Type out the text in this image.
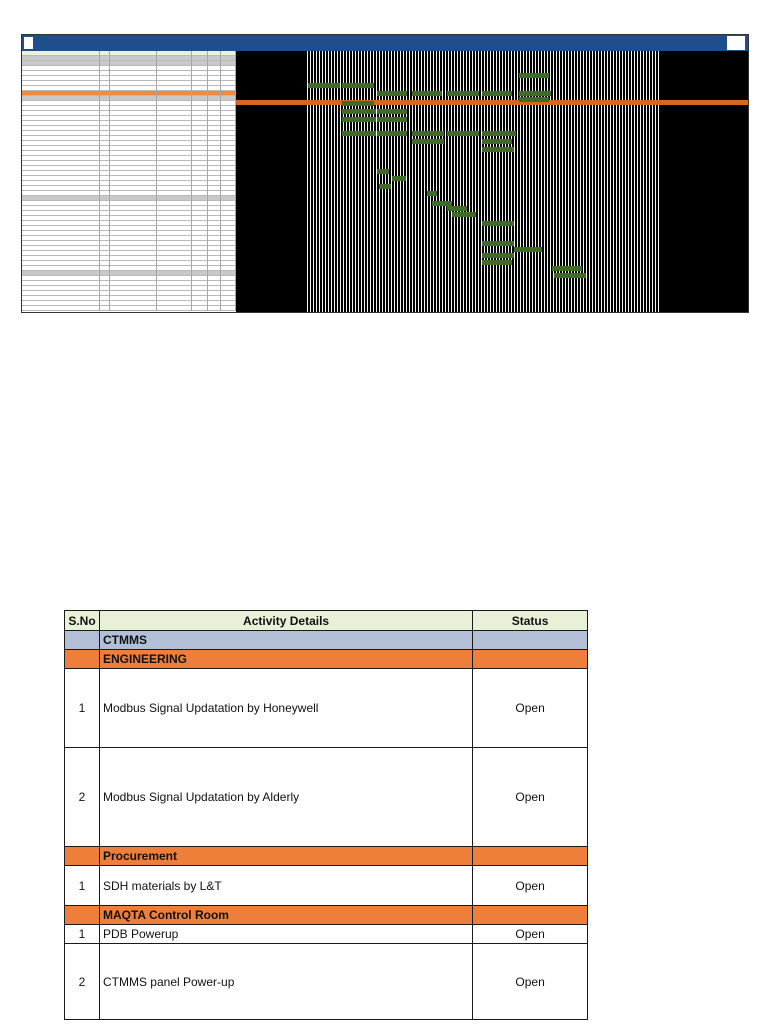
S.No	Activity Details	Status
	CTMMS	
	ENGINEERING	
1	Modbus Signal Updatation by Honeywell	Open
2	Modbus Signal Updatation by Alderly	Open
	Procurement	
1	SDH materials by L&T	Open
	MAQTA Control Room	
1	PDB Powerup	Open
2	CTMMS panel Power-up	Open
